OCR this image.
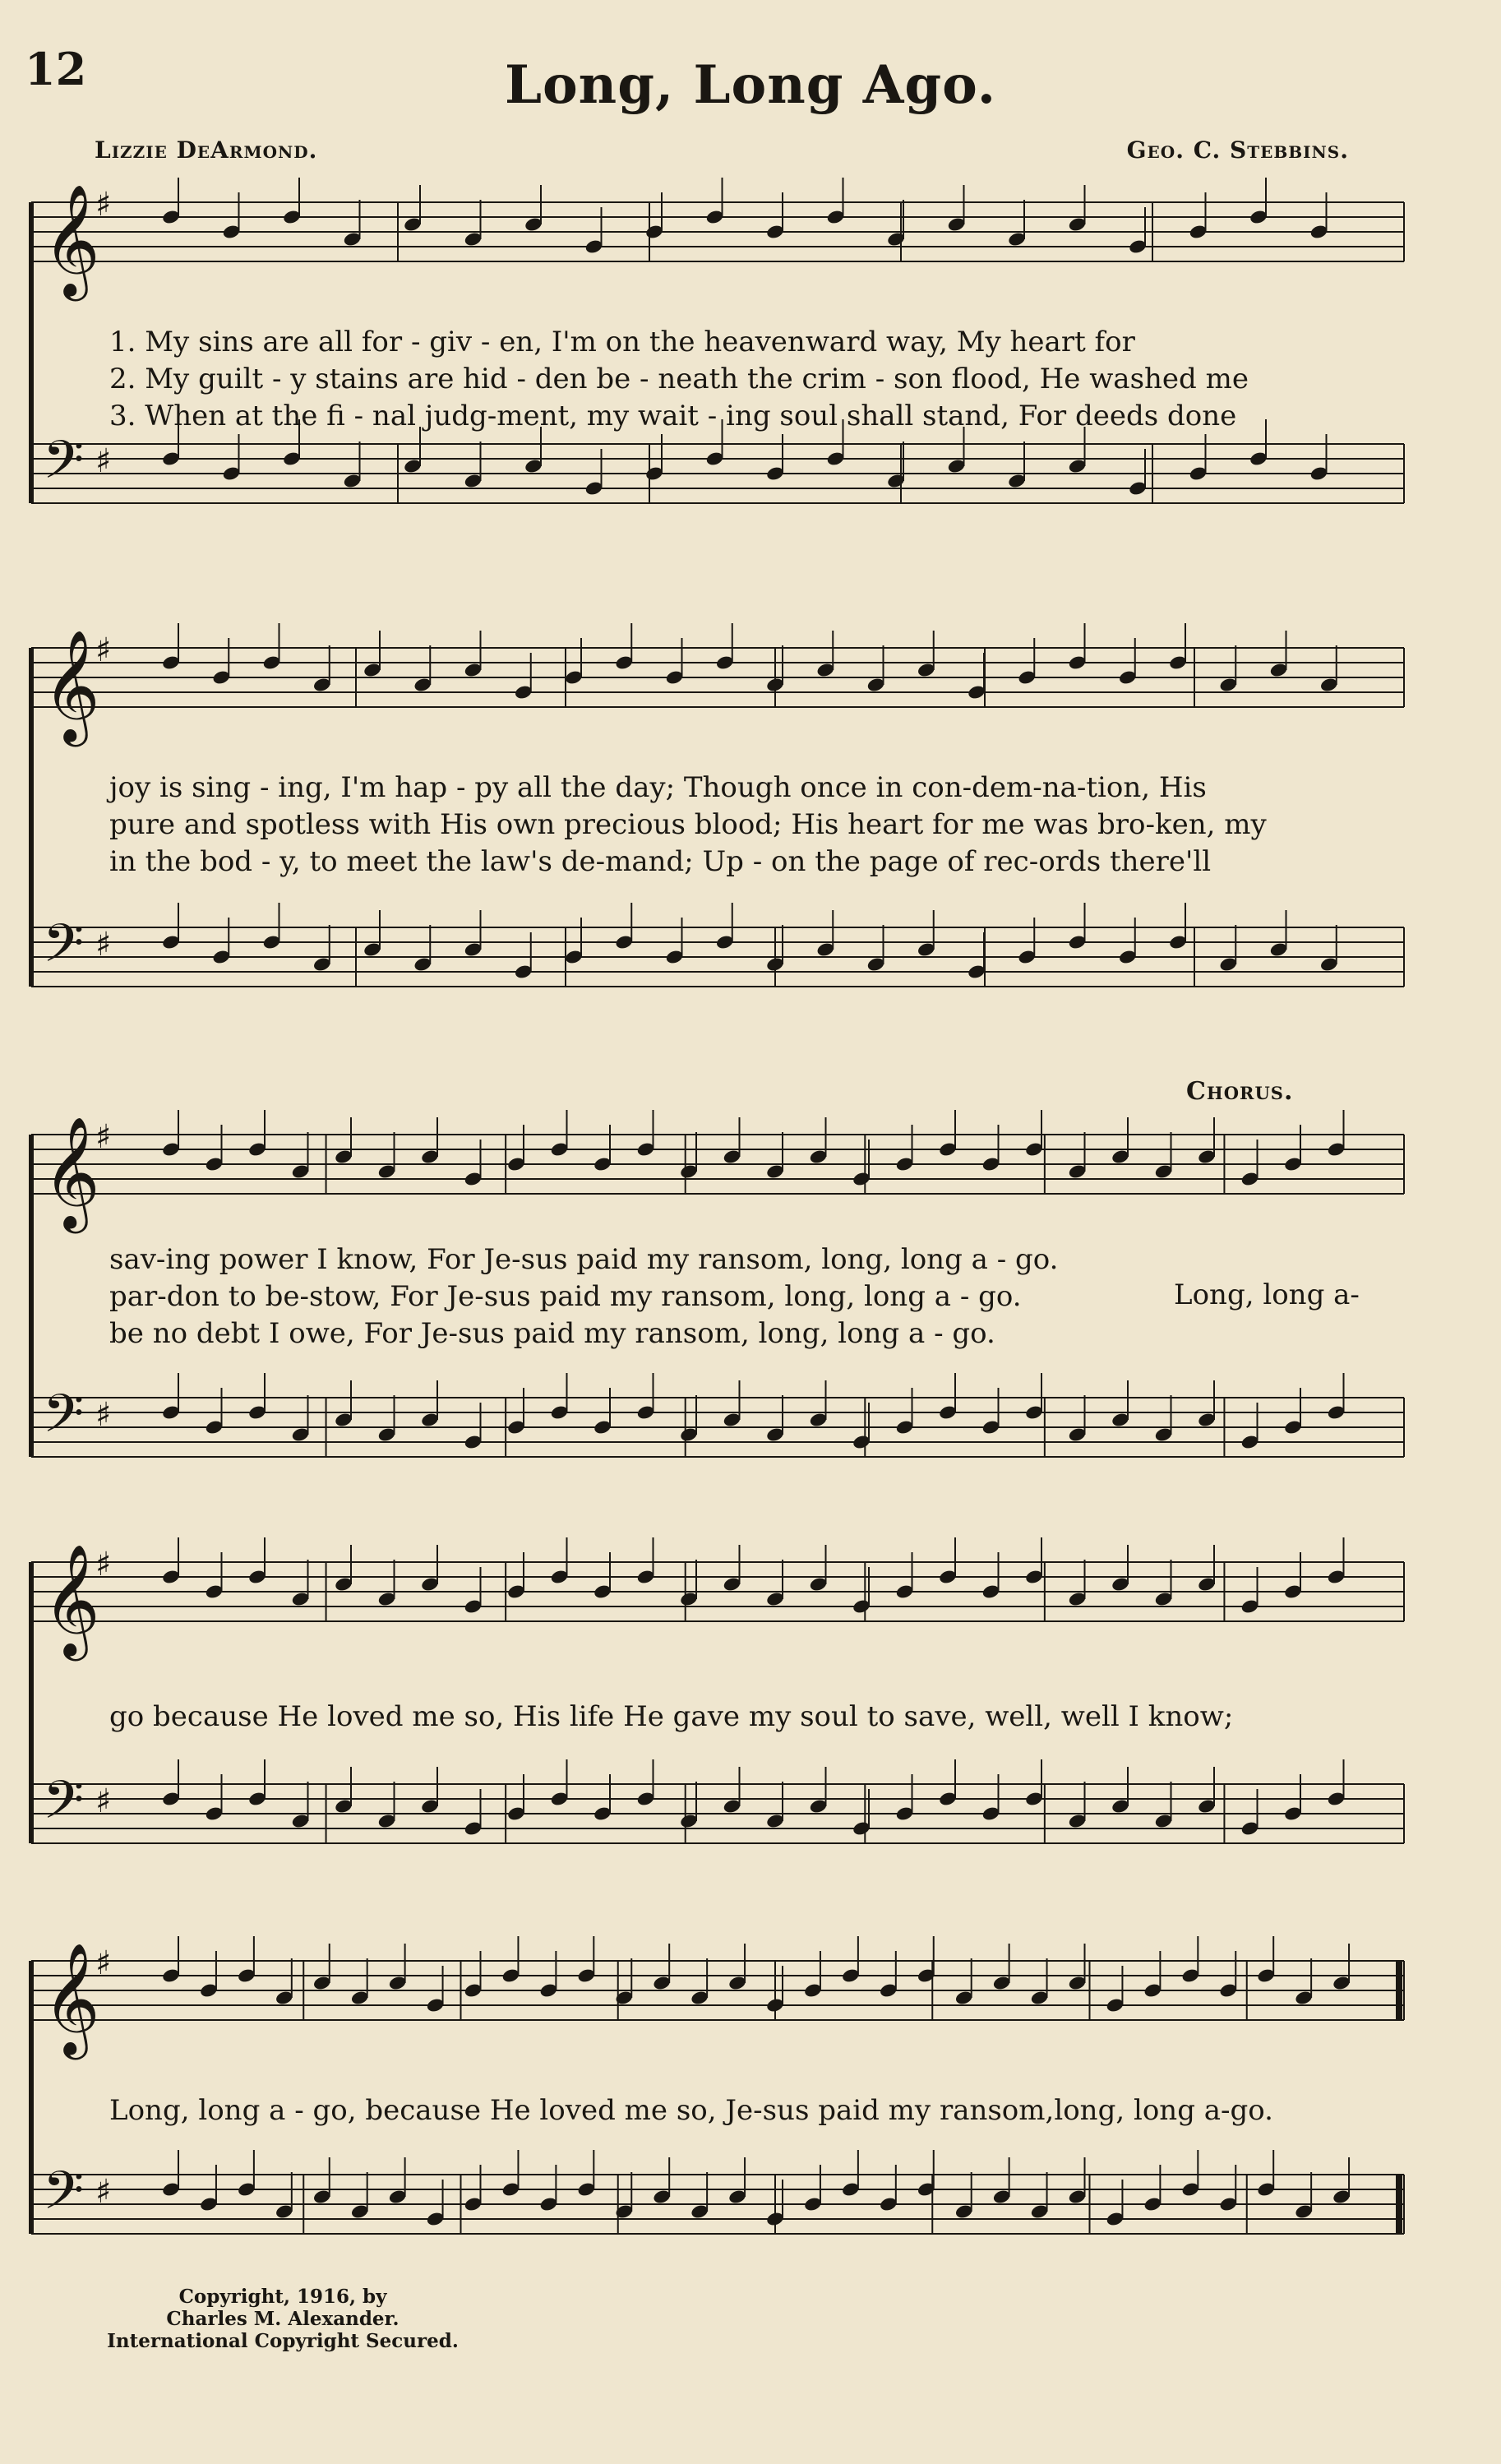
12	Long, Long Ago.
Lizzie DeArmond.	Geo. C. Stebbins.
𝄞
♯
𝄢 ♯
1. My sins are all for - giv - en, I'm on the heavenward way, My heart for
2. My guilt - y stains are hid - den be - neath the crim - son flood, He washed me
3. When at the fi - nal judg-ment, my wait - ing soul shall stand, For deeds done
𝄞
♯
𝄢 ♯
joy is sing - ing, I'm hap - py all the day; Though once in con-dem-na-tion, His
pure and spotless with His own precious blood; His heart for me was bro-ken, my
in the bod - y, to meet the law's de-mand; Up - on the page of rec-ords there'll
𝄞
♯
𝄢 ♯
Chorus.
sav-ing power I know, For Je-sus paid my ransom, long, long a - go.
par-don to be-stow, For Je-sus paid my ransom, long, long a - go.
be no debt I owe, For Je-sus paid my ransom, long, long a - go.
Long, long a-
𝄞
♯
𝄢 ♯
go because He loved me so, His life He gave my soul to save, well, well I know;
𝄞
♯
𝄢 ♯
Long, long a - go, because He loved me so, Je-sus paid my ransom,long, long a-go.
Copyright, 1916, by
Charles M. Alexander.
International Copyright Secured.
